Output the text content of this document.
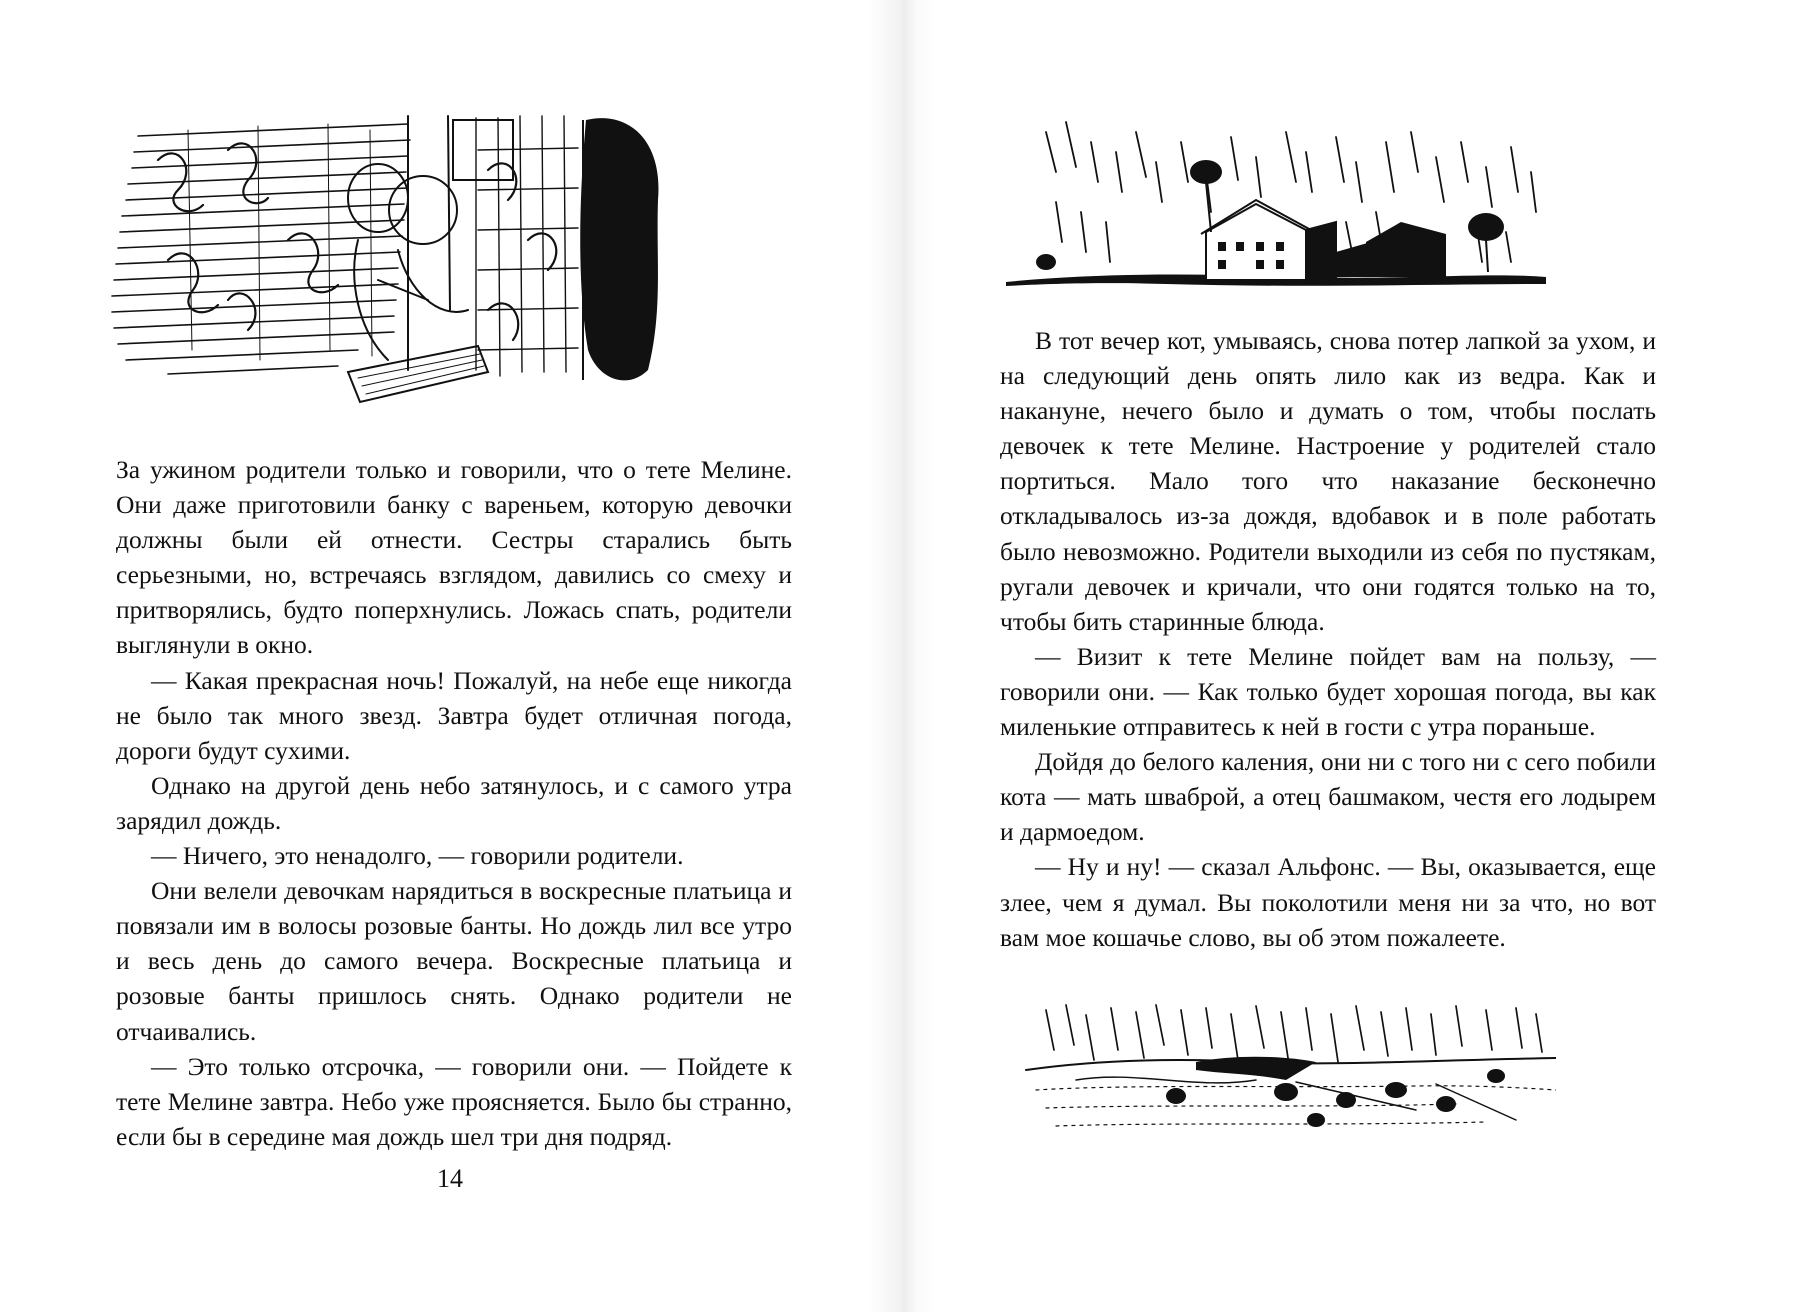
За ужином родители только и говорили, что о тете Мелине. Они даже приготовили банку с вареньем, которую девочки должны были ей отнести. Сестры старались быть серьезными, но, встречаясь взглядом, давились со смеху и притворялись, будто поперхнулись. Ложась спать, родители выглянули в окно.

— Какая прекрасная ночь! Пожалуй, на небе еще никогда не было так много звезд. Завтра будет отличная погода, дороги будут сухими.

Однако на другой день небо затянулось, и с самого утра зарядил дождь.

— Ничего, это ненадолго, — говорили родители.

Они велели девочкам нарядиться в воскресные платьица и повязали им в волосы розовые банты. Но дождь лил все утро и весь день до самого вечера. Воскресные платьица и розовые банты пришлось снять. Однако родители не отчаивались.

— Это только отсрочка, — говорили они. — Пойдете к тете Мелине завтра. Небо уже проясняется. Было бы странно, если бы в середине мая дождь шел три дня подряд.

14

В тот вечер кот, умываясь, снова потер лапкой за ухом, и на следующий день опять лило как из ведра. Как и накануне, нечего было и думать о том, чтобы послать девочек к тете Мелине. Настроение у родителей стало портиться. Мало того что наказание бесконечно откладывалось из-за дождя, вдобавок и в поле работать было невозможно. Родители выходили из себя по пустякам, ругали девочек и кричали, что они годятся только на то, чтобы бить старинные блюда.

— Визит к тете Мелине пойдет вам на пользу, — говорили они. — Как только будет хорошая погода, вы как миленькие отправитесь к ней в гости с утра пораньше.

Дойдя до белого каления, они ни с того ни с сего побили кота — мать шваброй, а отец башмаком, честя его лодырем и дармоедом.

— Ну и ну! — сказал Альфонс. — Вы, оказывается, еще злее, чем я думал. Вы поколотили меня ни за что, но вот вам мое кошачье слово, вы об этом пожалеете.
